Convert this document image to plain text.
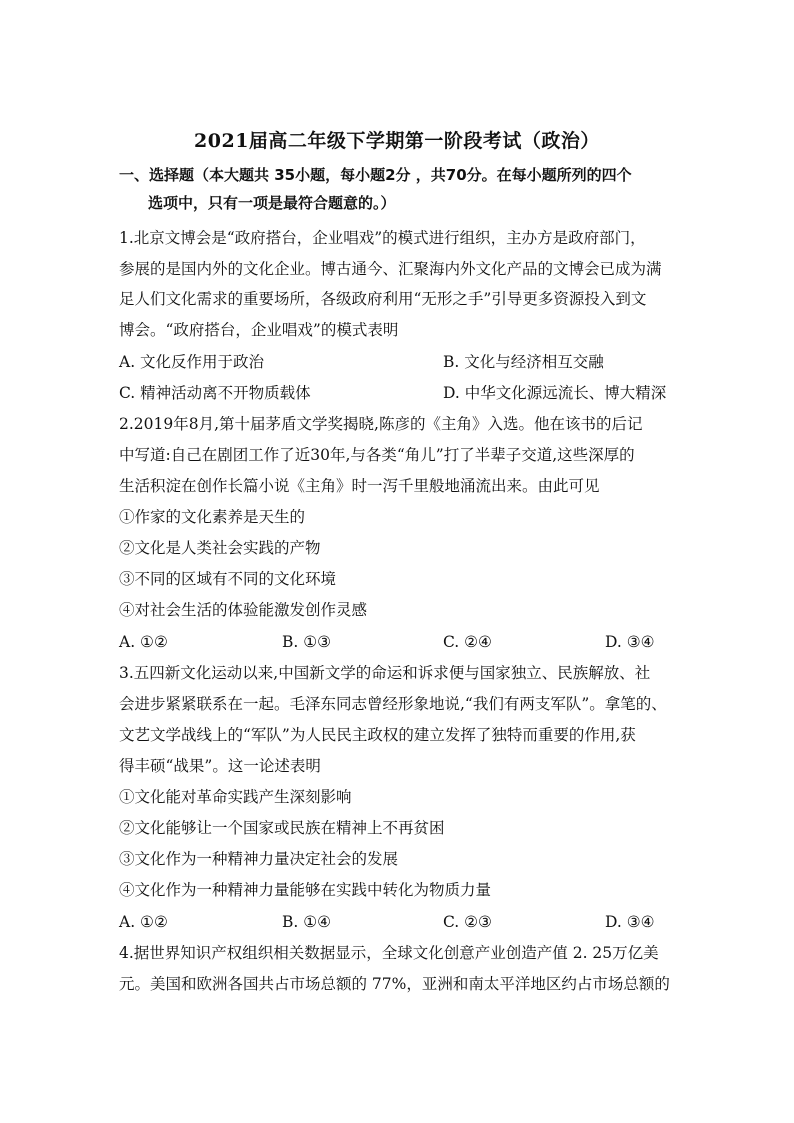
2021届高二年级下学期第一阶段考试（政治）
一、选择题（本大题共 35小题，每小题2分 ，共70分。在每小题所列的四个
选项中，只有一项是最符合题意的。）
1.北京文博会是“政府搭台，企业唱戏”的模式进行组织，主办方是政府部门，
参展的是国内外的文化企业。博古通今、汇聚海内外文化产品的文博会已成为满
足人们文化需求的重要场所，各级政府利用“无形之手”引导更多资源投入到文
博会。“政府搭台，企业唱戏”的模式表明
A. 文化反作用于政治	B. 文化与经济相互交融
C. 精神活动离不开物质载体	D. 中华文化源远流长、博大精深
2.2019年8月,第十届茅盾文学奖揭晓,陈彦的《主角》入选。他在该书的后记
中写道:自己在剧团工作了近30年,与各类“角儿”打了半辈子交道,这些深厚的
生活积淀在创作长篇小说《主角》时一泻千里般地涌流出来。由此可见
①作家的文化素养是天生的
②文化是人类社会实践的产物
③不同的区域有不同的文化环境
④对社会生活的体验能激发创作灵感
A. ①②	B. ①③	C. ②④	D. ③④
3.五四新文化运动以来,中国新文学的命运和诉求便与国家独立、民族解放、社
会进步紧紧联系在一起。毛泽东同志曾经形象地说,“我们有两支军队”。拿笔的、
文艺文学战线上的“军队”为人民民主政权的建立发挥了独特而重要的作用,获
得丰硕“战果”。这一论述表明
①文化能对革命实践产生深刻影响
②文化能够让一个国家或民族在精神上不再贫困
③文化作为一种精神力量决定社会的发展
④文化作为一种精神力量能够在实践中转化为物质力量
A. ①②	B. ①④	C. ②③	D. ③④
4.据世界知识产权组织相关数据显示，全球文化创意产业创造产值 2. 25万亿美
元。美国和欧洲各国共占市场总额的 77%，亚洲和南太平洋地区约占市场总额的
